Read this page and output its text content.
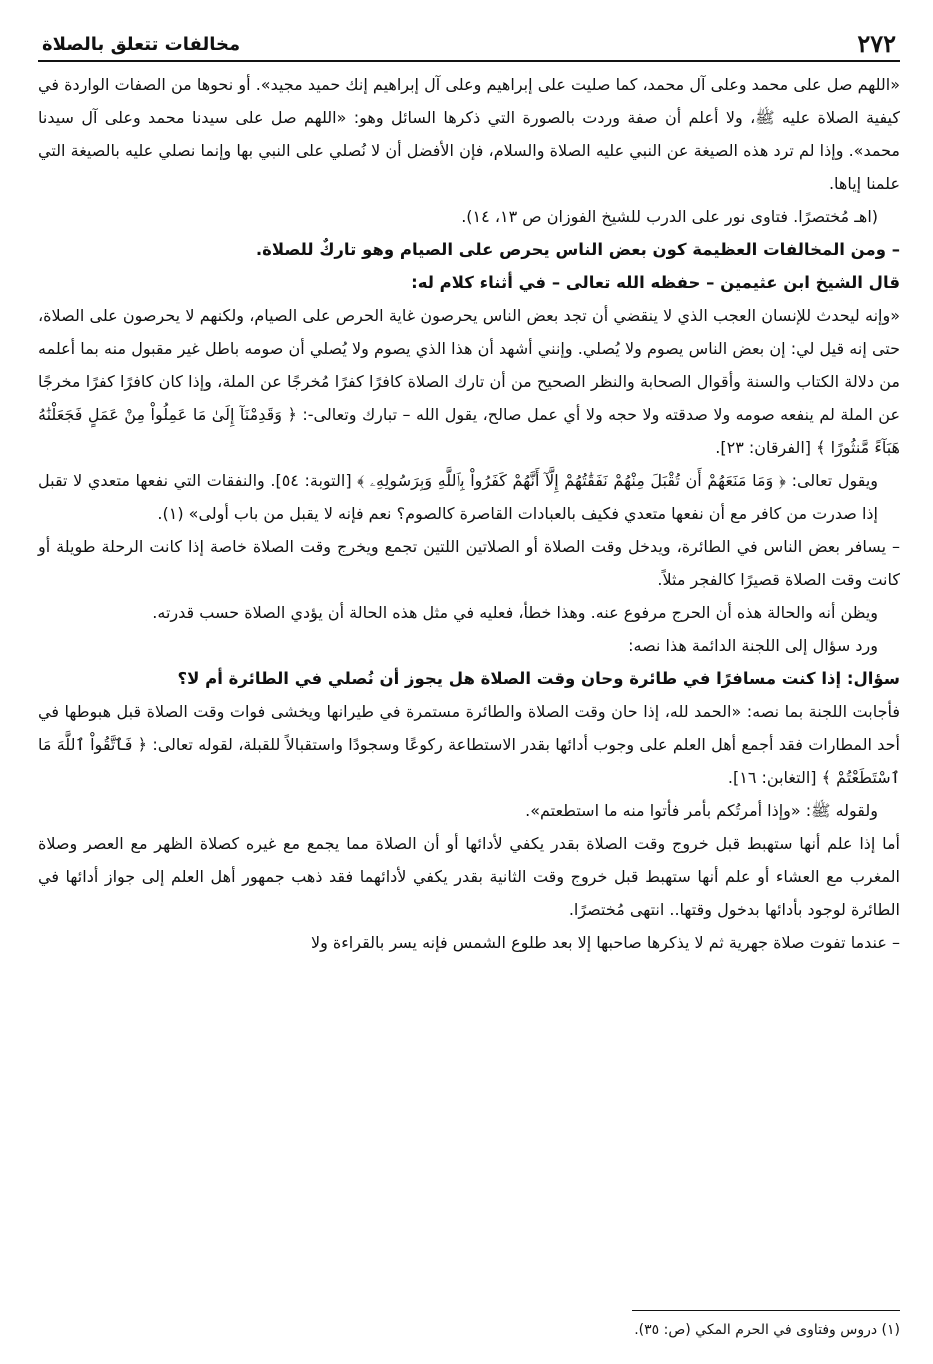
٢٧٢
مخالفات تتعلق بالصلاة

«اللهم صل على محمد وعلى آل محمد، كما صليت على إبراهيم وعلى آل إبراهيم إنك حميد مجيد». أو نحوها من الصفات الواردة في كيفية الصلاة عليه ﷺ، ولا أعلم أن صفة وردت بالصورة التي ذكرها السائل وهو: «اللهم صل على سيدنا محمد وعلى آل سيدنا محمد». وإذا لم ترد هذه الصيغة عن النبي عليه الصلاة والسلام، فإن الأفضل أن لا نُصلي على النبي بها وإنما نصلي عليه بالصيغة التي علمنا إياها.

(اهـ مُختصرًا. فتاوى نور على الدرب للشيخ الفوزان ص ١٣، ١٤).

– ومن المخالفات العظيمة كون بعض الناس يحرص على الصيام وهو تاركٌ للصلاة.

قال الشيخ ابن عثيمين – حفظه الله تعالى – في أثناء كلام له:

«وإنه ليحدث للإنسان العجب الذي لا ينقضي أن تجد بعض الناس يحرصون غاية الحرص على الصيام، ولكنهم لا يحرصون على الصلاة، حتى إنه قيل لي: إن بعض الناس يصوم ولا يُصلي. وإنني أشهد أن هذا الذي يصوم ولا يُصلي أن صومه باطل غير مقبول منه بما أعلمه من دلالة الكتاب والسنة وأقوال الصحابة والنظر الصحيح من أن تارك الصلاة كافرًا كفرًا مُخرجًا عن الملة، وإذا كان كافرًا كفرًا مخرجًا عن الملة لم ينفعه صومه ولا صدقته ولا حجه ولا أي عمل صالح، يقول الله – تبارك وتعالى-: ﴿ وَقَدِمْنَآ إِلَىٰ مَا عَمِلُواْ مِنْ عَمَلٍ فَجَعَلْنَٰهُ هَبَآءً مَّنثُورًا ﴾ [الفرقان: ٢٣].

ويقول تعالى: ﴿ وَمَا مَنَعَهُمْ أَن تُقْبَلَ مِنْهُمْ نَفَقَٰتُهُمْ إِلَّآ أَنَّهُمْ كَفَرُواْ بِٱللَّهِ وَبِرَسُولِهِۦ ﴾ [التوبة: ٥٤]. والنفقات التي نفعها متعدي لا تقبل إذا صدرت من كافر مع أن نفعها متعدي فكيف بالعبادات القاصرة كالصوم؟ نعم فإنه لا يقبل من باب أولى» (١).

– يسافر بعض الناس في الطائرة، ويدخل وقت الصلاة أو الصلاتين اللتين تجمع ويخرج وقت الصلاة خاصة إذا كانت الرحلة طويلة أو كانت وقت الصلاة قصيرًا كالفجر مثلاً.

ويظن أنه والحالة هذه أن الحرج مرفوع عنه. وهذا خطأ، فعليه في مثل هذه الحالة أن يؤدي الصلاة حسب قدرته.

ورد سؤال إلى اللجنة الدائمة هذا نصه:

سؤال: إذا كنت مسافرًا في طائرة وحان وقت الصلاة هل يجوز أن نُصلي في الطائرة أم لا؟

فأجابت اللجنة بما نصه: «الحمد لله، إذا حان وقت الصلاة والطائرة مستمرة في طيرانها ويخشى فوات وقت الصلاة قبل هبوطها في أحد المطارات فقد أجمع أهل العلم على وجوب أدائها بقدر الاستطاعة ركوعًا وسجودًا واستقبالاً للقبلة، لقوله تعالى: ﴿ فَٱتَّقُواْ ٱللَّهَ مَا ٱسْتَطَعْتُمْ ﴾ [التغابن: ١٦].

ولقوله ﷺ: «وإذا أمرتُكم بأمر فأتوا منه ما استطعتم».

أما إذا علم أنها ستهبط قبل خروج وقت الصلاة بقدر يكفي لأدائها أو أن الصلاة مما يجمع مع غيره كصلاة الظهر مع العصر وصلاة المغرب مع العشاء أو علم أنها ستهبط قبل خروج وقت الثانية بقدر يكفي لأدائهما فقد ذهب جمهور أهل العلم إلى جواز أدائها في الطائرة لوجود بأدائها بدخول وقتها.. انتهى مُختصرًا.

– عندما تفوت صلاة جهرية ثم لا يذكرها صاحبها إلا بعد طلوع الشمس فإنه يسر بالقراءة ولا

(١) دروس وفتاوى في الحرم المكي (ص: ٣٥).
